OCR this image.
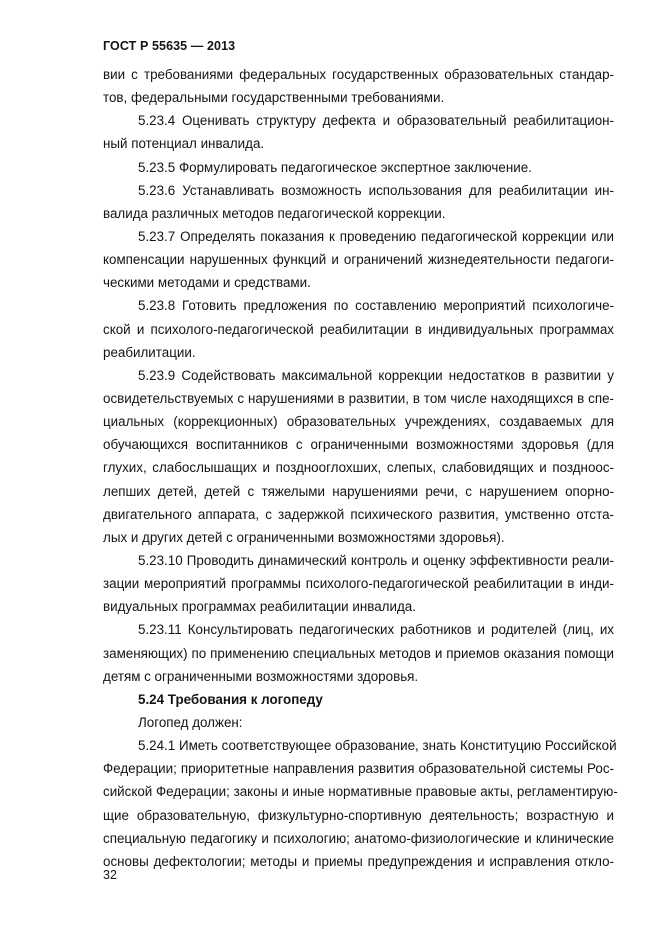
ГОСТ Р 55635 — 2013
вии с требованиями федеральных государственных образовательных стандар-
тов, федеральными государственными требованиями.
5.23.4 Оценивать структуру дефекта и образовательный реабилитацион-
ный потенциал инвалида.
5.23.5 Формулировать педагогическое экспертное заключение.
5.23.6 Устанавливать возможность использования для реабилитации ин-
валида различных методов педагогической коррекции.
5.23.7 Определять показания к проведению педагогической коррекции или
компенсации нарушенных функций и ограничений жизнедеятельности педагоги-
ческими методами и средствами.
5.23.8 Готовить предложения по составлению мероприятий психологиче-
ской и психолого-педагогической реабилитации в индивидуальных программах
реабилитации.
5.23.9 Содействовать максимальной коррекции недостатков в развитии у
освидетельствуемых с нарушениями в развитии, в том числе находящихся в спе-
циальных (коррекционных) образовательных учреждениях, создаваемых для
обучающихся воспитанников с ограниченными возможностями здоровья (для
глухих, слабослышащих и позднооглохших, слепых, слабовидящих и поздноос-
лепших детей, детей с тяжелыми нарушениями речи, с нарушением опорно-
двигательного аппарата, с задержкой психического развития, умственно отста-
лых и других детей с ограниченными возможностями здоровья).
5.23.10 Проводить динамический контроль и оценку эффективности реали-
зации мероприятий программы психолого-педагогической реабилитации в инди-
видуальных программах реабилитации инвалида.
5.23.11 Консультировать педагогических работников и родителей (лиц, их
заменяющих) по применению специальных методов и приемов оказания помощи
детям с ограниченными возможностями здоровья.
5.24 Требования к логопеду
Логопед должен:
5.24.1 Иметь соответствующее образование, знать Конституцию Российской
Федерации; приоритетные направления развития образовательной системы Рос-
сийской Федерации; законы и иные нормативные правовые акты, регламентирую-
щие образовательную, физкультурно-спортивную деятельность; возрастную и
специальную педагогику и психологию; анатомо-физиологические и клинические
основы дефектологии; методы и приемы предупреждения и исправления откло-
32
